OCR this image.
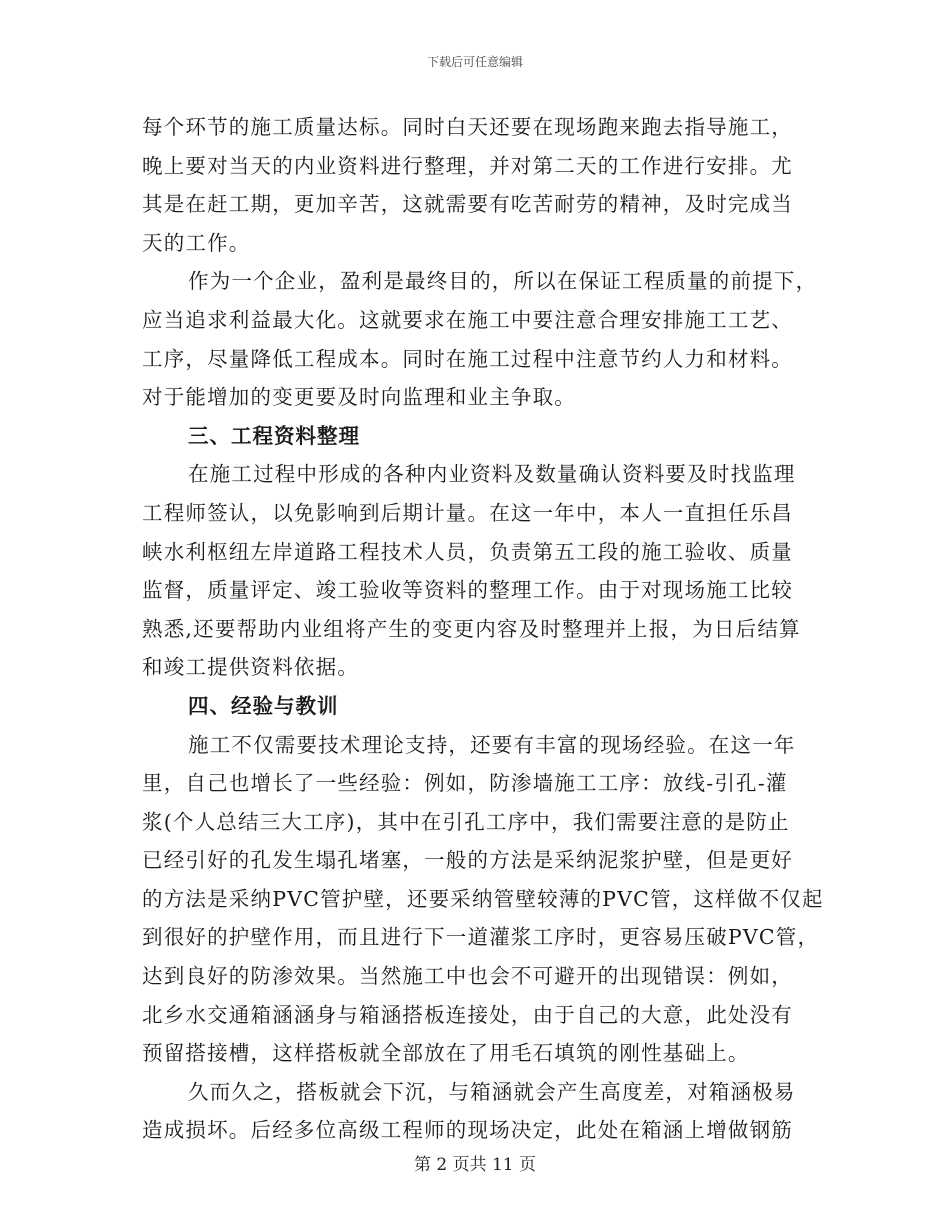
下载后可任意编辑
每个环节的施工质量达标。同时白天还要在现场跑来跑去指导施工，
晚上要对当天的内业资料进行整理，并对第二天的工作进行安排。尤
其是在赶工期，更加辛苦，这就需要有吃苦耐劳的精神，及时完成当
天的工作。
作为一个企业，盈利是最终目的，所以在保证工程质量的前提下，
应当追求利益最大化。这就要求在施工中要注意合理安排施工工艺、
工序，尽量降低工程成本。同时在施工过程中注意节约人力和材料。
对于能增加的变更要及时向监理和业主争取。
三、工程资料整理
在施工过程中形成的各种内业资料及数量确认资料要及时找监理
工程师签认，以免影响到后期计量。在这一年中，本人一直担任乐昌
峡水利枢纽左岸道路工程技术人员，负责第五工段的施工验收、质量
监督，质量评定、竣工验收等资料的整理工作。由于对现场施工比较
熟悉,还要帮助内业组将产生的变更内容及时整理并上报，为日后结算
和竣工提供资料依据。
四、经验与教训
施工不仅需要技术理论支持，还要有丰富的现场经验。在这一年
里，自己也增长了一些经验：例如，防渗墙施工工序：放线-引孔-灌
浆(个人总结三大工序)，其中在引孔工序中，我们需要注意的是防止
已经引好的孔发生塌孔堵塞，一般的方法是采纳泥浆护壁，但是更好
的方法是采纳PVC管护壁，还要采纳管壁较薄的PVC管，这样做不仅起
到很好的护壁作用，而且进行下一道灌浆工序时，更容易压破PVC管，
达到良好的防渗效果。当然施工中也会不可避开的出现错误：例如，
北乡水交通箱涵涵身与箱涵搭板连接处，由于自己的大意，此处没有
预留搭接槽，这样搭板就全部放在了用毛石填筑的刚性基础上。
久而久之，搭板就会下沉，与箱涵就会产生高度差，对箱涵极易
造成损坏。后经多位高级工程师的现场决定，此处在箱涵上增做钢筋
第 2 页共 11 页
